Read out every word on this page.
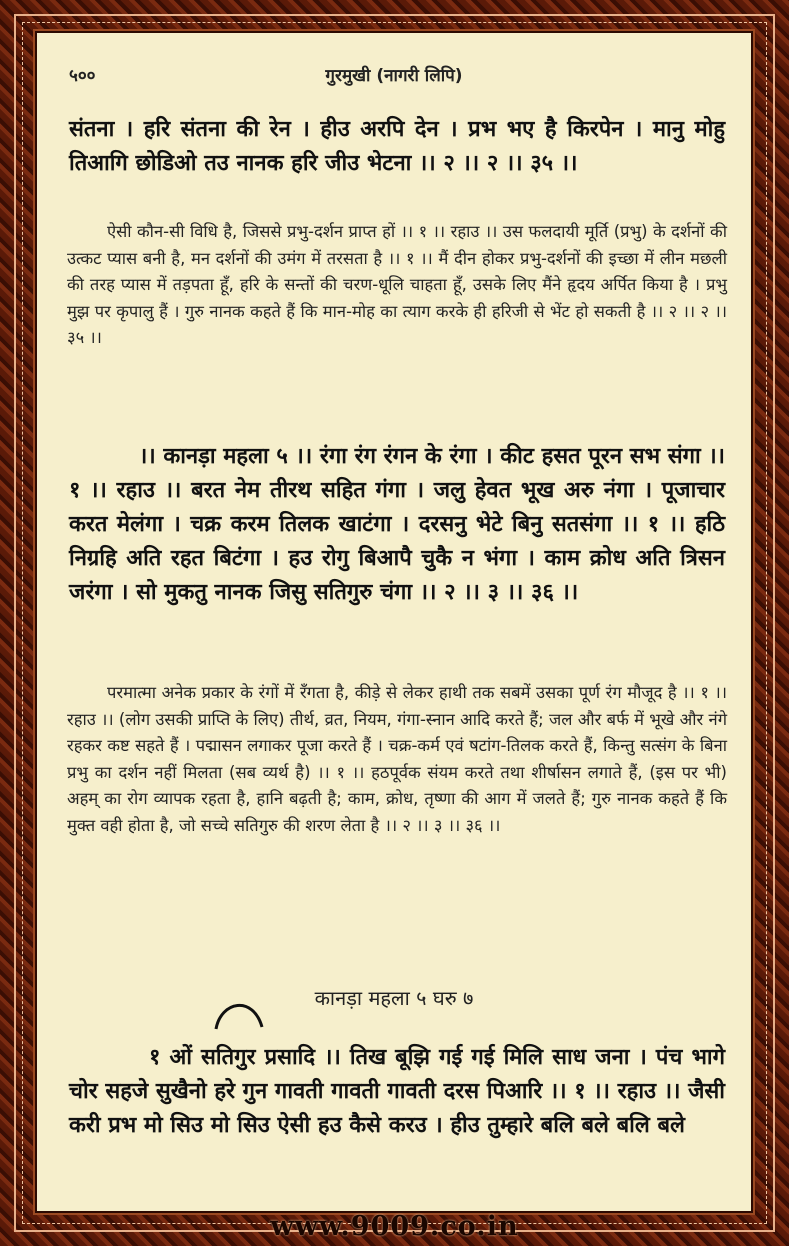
५००	गुरमुखी (नागरी लिपि)
संतना । हरि संतना की रेन । हीउ अरपि देन । प्रभ भए है किरपेन । मानु मोहु तिआगि छोडिओ तउ नानक हरि जीउ भेटना ।। २ ।। २ ।। ३५ ।।
ऐसी कौन-सी विधि है, जिससे प्रभु-दर्शन प्राप्त हों ।। १ ।। रहाउ ।। उस फलदायी मूर्ति (प्रभु) के दर्शनों की उत्कट प्यास बनी है, मन दर्शनों की उमंग में तरसता है ।। १ ।। मैं दीन होकर प्रभु-दर्शनों की इच्छा में लीन मछली की तरह प्यास में तड़पता हूँ, हरि के सन्तों की चरण-धूलि चाहता हूँ, उसके लिए मैंने हृदय अर्पित किया है । प्रभु मुझ पर कृपालु हैं । गुरु नानक कहते हैं कि मान-मोह का त्याग करके ही हरिजी से भेंट हो सकती है ।। २ ।। २ ।। ३५ ।।
।। कानड़ा महला ५ ।। रंगा रंग रंगन के रंगा । कीट हसत पूरन सभ संगा ।। १ ।। रहाउ ।। बरत नेम तीरथ सहित गंगा । जलु हेवत भूख अरु नंगा । पूजाचार करत मेलंगा । चक्र करम तिलक खाटंगा । दरसनु भेटे बिनु सतसंगा ।। १ ।। हठि निग्रहि अति रहत बिटंगा । हउ रोगु बिआपै चुकै न भंगा । काम क्रोध अति त्रिसन जरंगा । सो मुकतु नानक जिसु सतिगुरु चंगा ।। २ ।। ३ ।। ३६ ।।
परमात्मा अनेक प्रकार के रंगों में रँगता है, कीड़े से लेकर हाथी तक सबमें उसका पूर्ण रंग मौजूद है ।। १ ।। रहाउ ।। (लोग उसकी प्राप्ति के लिए) तीर्थ, व्रत, नियम, गंगा-स्नान आदि करते हैं; जल और बर्फ में भूखे और नंगे रहकर कष्ट सहते हैं । पद्मासन लगाकर पूजा करते हैं । चक्र-कर्म एवं षटांग-तिलक करते हैं, किन्तु सत्संग के बिना प्रभु का दर्शन नहीं मिलता (सब व्यर्थ है) ।। १ ।। हठपूर्वक संयम करते तथा शीर्षासन लगाते हैं, (इस पर भी) अहम् का रोग व्यापक रहता है, हानि बढ़ती है; काम, क्रोध, तृष्णा की आग में जलते हैं; गुरु नानक कहते हैं कि मुक्त वही होता है, जो सच्चे सतिगुरु की शरण लेता है ।। २ ।। ३ ।। ३६ ।।
कानड़ा महला ५ घरु ७
१ ओं सतिगुर प्रसादि ।। तिख बूझि गई गई मिलि साध जना । पंच भागे चोर सहजे सुखैनो हरे गुन गावती गावती गावती दरस पिआरि ।। १ ।। रहाउ ।। जैसी करी प्रभ मो सिउ मो सिउ ऐसी हउ कैसे करउ । हीउ तुम्हारे बलि बले बलि बले
www.9009.co.in
